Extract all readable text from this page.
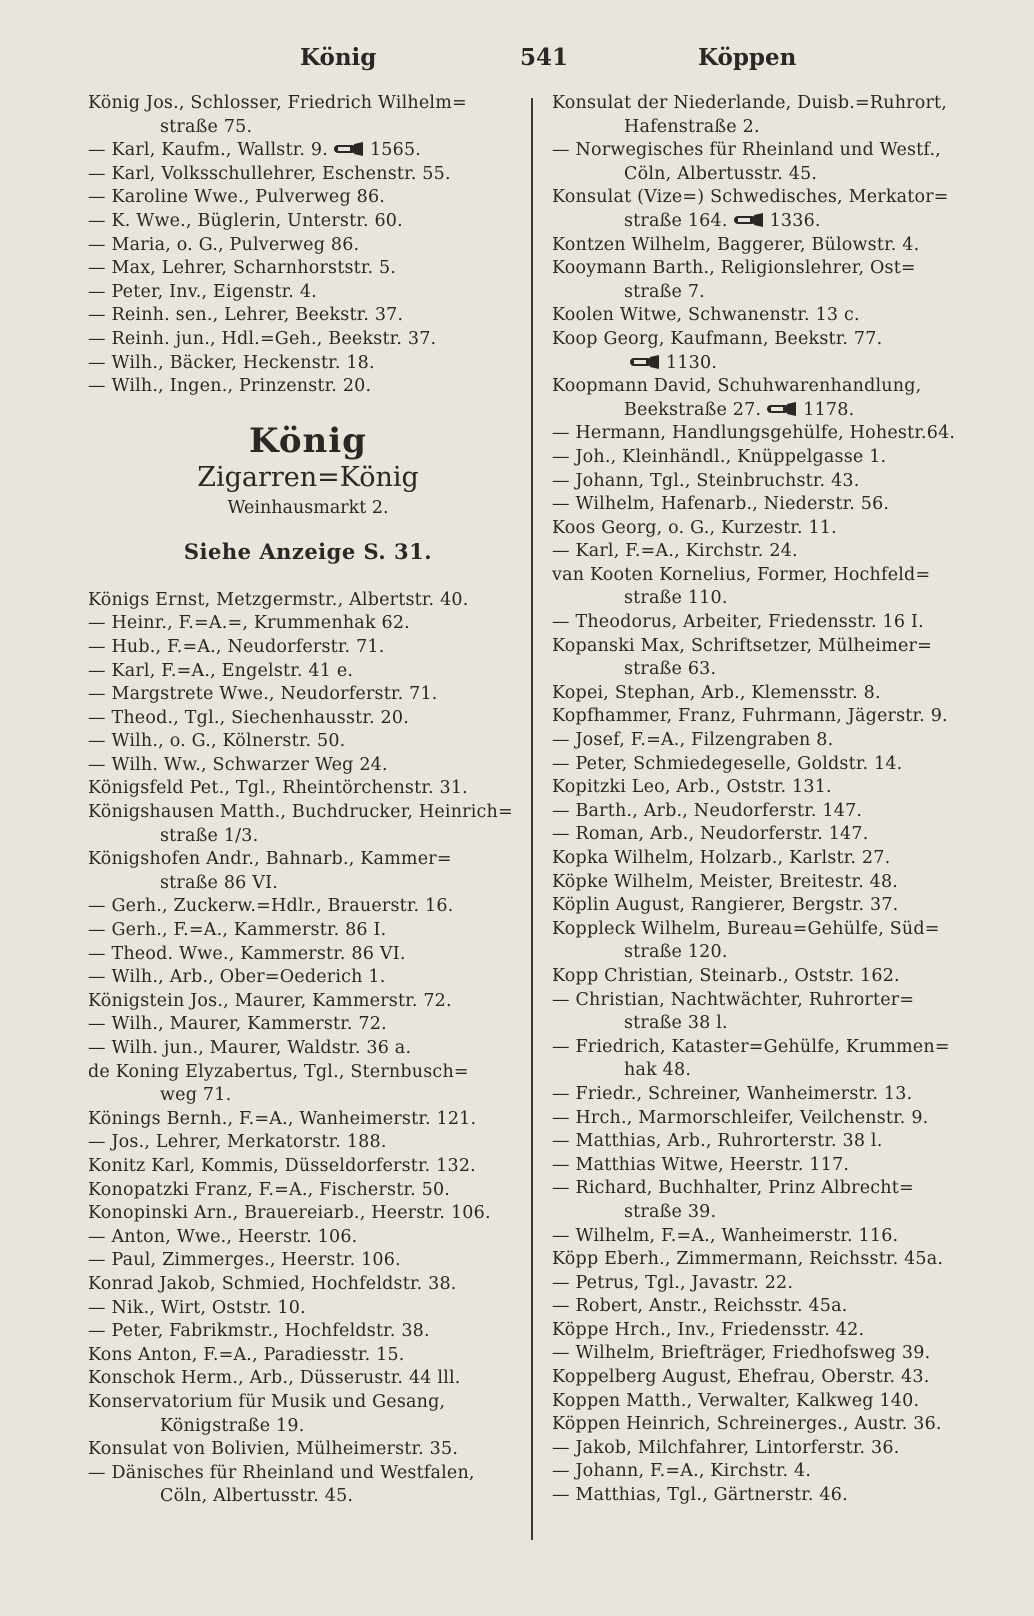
König	541	Köppen
König Jos., Schlosser, Friedrich Wilhelm=
straße 75.
— Karl, Kaufm., Wallstr. 9. 1565.
— Karl, Volksschullehrer, Eschenstr. 55.
— Karoline Wwe., Pulverweg 86.
— K. Wwe., Büglerin, Unterstr. 60.
— Maria, o. G., Pulverweg 86.
— Max, Lehrer, Scharnhorststr. 5.
— Peter, Inv., Eigenstr. 4.
— Reinh. sen., Lehrer, Beekstr. 37.
— Reinh. jun., Hdl.=Geh., Beekstr. 37.
— Wilh., Bäcker, Heckenstr. 18.
— Wilh., Ingen., Prinzenstr. 20.
König
Zigarren=König
Weinhausmarkt 2.
Siehe Anzeige S. 31.
Königs Ernst, Metzgermstr., Albertstr. 40.
— Heinr., F.=A.=, Krummenhak 62.
— Hub., F.=A., Neudorferstr. 71.
— Karl, F.=A., Engelstr. 41 e.
— Margstrete Wwe., Neudorferstr. 71.
— Theod., Tgl., Siechenhausstr. 20.
— Wilh., o. G., Kölnerstr. 50.
— Wilh. Ww., Schwarzer Weg 24.
Königsfeld Pet., Tgl., Rheintörchenstr. 31.
Königshausen Matth., Buchdrucker, Heinrich=
straße 1/3.
Königshofen Andr., Bahnarb., Kammer=
straße 86 VI.
— Gerh., Zuckerw.=Hdlr., Brauerstr. 16.
— Gerh., F.=A., Kammerstr. 86 I.
— Theod. Wwe., Kammerstr. 86 VI.
— Wilh., Arb., Ober=Oederich 1.
Königstein Jos., Maurer, Kammerstr. 72.
— Wilh., Maurer, Kammerstr. 72.
— Wilh. jun., Maurer, Waldstr. 36 a.
de Koning Elyzabertus, Tgl., Sternbusch=
weg 71.
Könings Bernh., F.=A., Wanheimerstr. 121.
— Jos., Lehrer, Merkatorstr. 188.
Konitz Karl, Kommis, Düsseldorferstr. 132.
Konopatzki Franz, F.=A., Fischerstr. 50.
Konopinski Arn., Brauereiarb., Heerstr. 106.
— Anton, Wwe., Heerstr. 106.
— Paul, Zimmerges., Heerstr. 106.
Konrad Jakob, Schmied, Hochfeldstr. 38.
— Nik., Wirt, Oststr. 10.
— Peter, Fabrikmstr., Hochfeldstr. 38.
Kons Anton, F.=A., Paradiesstr. 15.
Konschok Herm., Arb., Düsserustr. 44 lll.
Konservatorium für Musik und Gesang,
Königstraße 19.
Konsulat von Bolivien, Mülheimerstr. 35.
— Dänisches für Rheinland und Westfalen,
Cöln, Albertusstr. 45.
Konsulat der Niederlande, Duisb.=Ruhrort,
Hafenstraße 2.
— Norwegisches für Rheinland und Westf.,
Cöln, Albertusstr. 45.
Konsulat (Vize=) Schwedisches, Merkator=
straße 164. 1336.
Kontzen Wilhelm, Baggerer, Bülowstr. 4.
Kooymann Barth., Religionslehrer, Ost=
straße 7.
Koolen Witwe, Schwanenstr. 13 c.
Koop Georg, Kaufmann, Beekstr. 77.
1130.
Koopmann David, Schuhwarenhandlung,
Beekstraße 27. 1178.
— Hermann, Handlungsgehülfe, Hohestr.64.
— Joh., Kleinhändl., Knüppelgasse 1.
— Johann, Tgl., Steinbruchstr. 43.
— Wilhelm, Hafenarb., Niederstr. 56.
Koos Georg, o. G., Kurzestr. 11.
— Karl, F.=A., Kirchstr. 24.
van Kooten Kornelius, Former, Hochfeld=
straße 110.
— Theodorus, Arbeiter, Friedensstr. 16 I.
Kopanski Max, Schriftsetzer, Mülheimer=
straße 63.
Kopei, Stephan, Arb., Klemensstr. 8.
Kopfhammer, Franz, Fuhrmann, Jägerstr. 9.
— Josef, F.=A., Filzengraben 8.
— Peter, Schmiedegeselle, Goldstr. 14.
Kopitzki Leo, Arb., Oststr. 131.
— Barth., Arb., Neudorferstr. 147.
— Roman, Arb., Neudorferstr. 147.
Kopka Wilhelm, Holzarb., Karlstr. 27.
Köpke Wilhelm, Meister, Breitestr. 48.
Köplin August, Rangierer, Bergstr. 37.
Koppleck Wilhelm, Bureau=Gehülfe, Süd=
straße 120.
Kopp Christian, Steinarb., Oststr. 162.
— Christian, Nachtwächter, Ruhrorter=
straße 38 l.
— Friedrich, Kataster=Gehülfe, Krummen=
hak 48.
— Friedr., Schreiner, Wanheimerstr. 13.
— Hrch., Marmorschleifer, Veilchenstr. 9.
— Matthias, Arb., Ruhrorterstr. 38 l.
— Matthias Witwe, Heerstr. 117.
— Richard, Buchhalter, Prinz Albrecht=
straße 39.
— Wilhelm, F.=A., Wanheimerstr. 116.
Köpp Eberh., Zimmermann, Reichsstr. 45a.
— Petrus, Tgl., Javastr. 22.
— Robert, Anstr., Reichsstr. 45a.
Köppe Hrch., Inv., Friedensstr. 42.
— Wilhelm, Briefträger, Friedhofsweg 39.
Koppelberg August, Ehefrau, Oberstr. 43.
Koppen Matth., Verwalter, Kalkweg 140.
Köppen Heinrich, Schreinerges., Austr. 36.
— Jakob, Milchfahrer, Lintorferstr. 36.
— Johann, F.=A., Kirchstr. 4.
— Matthias, Tgl., Gärtnerstr. 46.
